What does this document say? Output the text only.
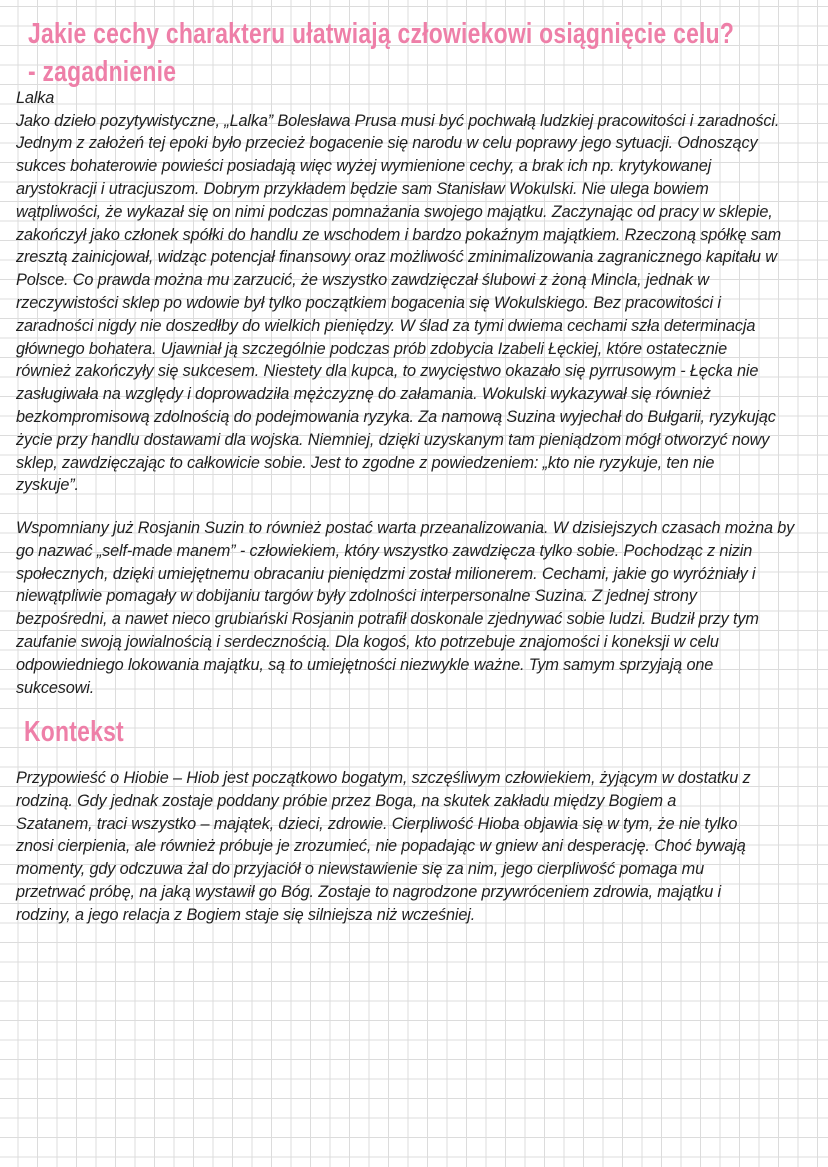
Jakie cechy charakteru ułatwiają człowiekowi osiągnięcie celu?
- zagadnienie
Lalka
Jako dzieło pozytywistyczne, „Lalka” Bolesława Prusa musi być pochwałą ludzkiej pracowitości i zaradności.
Jednym z założeń tej epoki było przecież bogacenie się narodu w celu poprawy jego sytuacji. Odnoszący
sukces bohaterowie powieści posiadają więc wyżej wymienione cechy, a brak ich np. krytykowanej
arystokracji i utracjuszom. Dobrym przykładem będzie sam Stanisław Wokulski. Nie ulega bowiem
wątpliwości, że wykazał się on nimi podczas pomnażania swojego majątku. Zaczynając od pracy w sklepie,
zakończył jako członek spółki do handlu ze wschodem i bardzo pokaźnym majątkiem. Rzeczoną spółkę sam
zresztą zainicjował, widząc potencjał finansowy oraz możliwość zminimalizowania zagranicznego kapitału w
Polsce. Co prawda można mu zarzucić, że wszystko zawdzięczał ślubowi z żoną Mincla, jednak w
rzeczywistości sklep po wdowie był tylko początkiem bogacenia się Wokulskiego. Bez pracowitości i
zaradności nigdy nie doszedłby do wielkich pieniędzy. W ślad za tymi dwiema cechami szła determinacja
głównego bohatera. Ujawniał ją szczególnie podczas prób zdobycia Izabeli Łęckiej, które ostatecznie
również zakończyły się sukcesem. Niestety dla kupca, to zwycięstwo okazało się pyrrusowym - Łęcka nie
zasługiwała na względy i doprowadziła mężczyznę do załamania. Wokulski wykazywał się również
bezkompromisową zdolnością do podejmowania ryzyka. Za namową Suzina wyjechał do Bułgarii, ryzykując
życie przy handlu dostawami dla wojska. Niemniej, dzięki uzyskanym tam pieniądzom mógł otworzyć nowy
sklep, zawdzięczając to całkowicie sobie. Jest to zgodne z powiedzeniem: „kto nie ryzykuje, ten nie
zyskuje”.
Wspomniany już Rosjanin Suzin to również postać warta przeanalizowania. W dzisiejszych czasach można by
go nazwać „self-made manem” - człowiekiem, który wszystko zawdzięcza tylko sobie. Pochodząc z nizin
społecznych, dzięki umiejętnemu obracaniu pieniędzmi został milionerem. Cechami, jakie go wyróżniały i
niewątpliwie pomagały w dobijaniu targów były zdolności interpersonalne Suzina. Z jednej strony
bezpośredni, a nawet nieco grubiański Rosjanin potrafił doskonale zjednywać sobie ludzi. Budził przy tym
zaufanie swoją jowialnością i serdecznością. Dla kogoś, kto potrzebuje znajomości i koneksji w celu
odpowiedniego lokowania majątku, są to umiejętności niezwykle ważne. Tym samym sprzyjają one
sukcesowi.
Kontekst
Przypowieść o Hiobie – Hiob jest początkowo bogatym, szczęśliwym człowiekiem, żyjącym w dostatku z
rodziną. Gdy jednak zostaje poddany próbie przez Boga, na skutek zakładu między Bogiem a
Szatanem, traci wszystko – majątek, dzieci, zdrowie. Cierpliwość Hioba objawia się w tym, że nie tylko
znosi cierpienia, ale również próbuje je zrozumieć, nie popadając w gniew ani desperację. Choć bywają
momenty, gdy odczuwa żal do przyjaciół o niewstawienie się za nim, jego cierpliwość pomaga mu
przetrwać próbę, na jaką wystawił go Bóg. Zostaje to nagrodzone przywróceniem zdrowia, majątku i
rodziny, a jego relacja z Bogiem staje się silniejsza niż wcześniej.
